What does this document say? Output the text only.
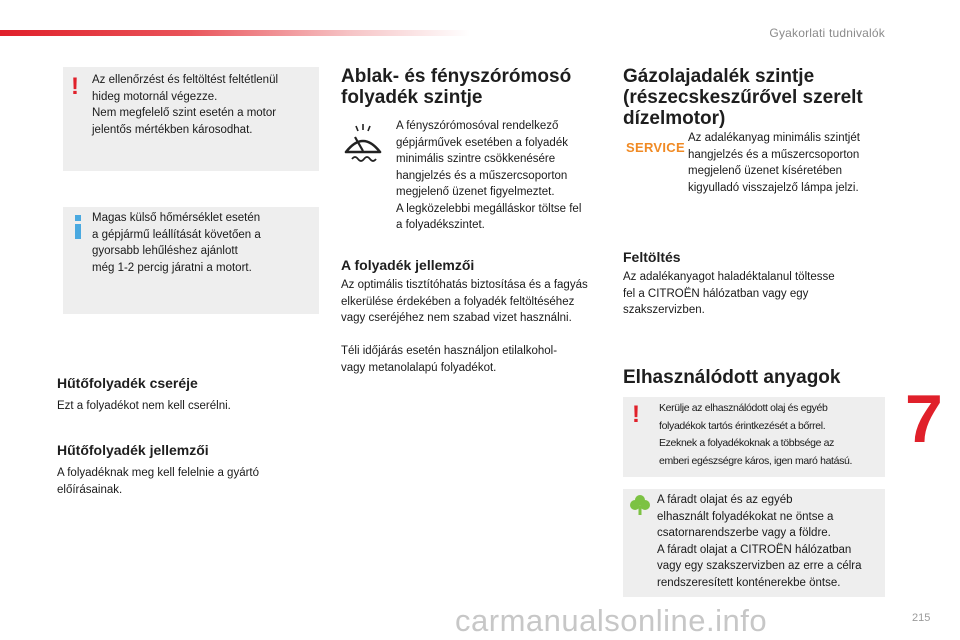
Gyakorlati tudnivalók
7
! Az ellenőrzést és feltöltést feltétlenül
hideg motornál végezze.
Nem megfelelő szint esetén a motor
jelentős mértékben károsodhat.
Magas külső hőmérséklet esetén
a gépjármű leállítását követően a
gyorsabb lehűléshez ajánlott
még 1-2 percig járatni a motort.
Hűtőfolyadék cseréje
Ezt a folyadékot nem kell cserélni.
Hűtőfolyadék jellemzői
A folyadéknak meg kell felelnie a gyártó
előírásainak.
Ablak- és fényszórómosó
folyadék szintje
A fényszórómosóval rendelkező
gépjárművek esetében a folyadék
minimális szintre csökkenésére
hangjelzés és a műszercsoporton
megjelenő üzenet figyelmeztet.
A legközelebbi megálláskor töltse fel
a folyadékszintet.
A folyadék jellemzői
Az optimális tisztítóhatás biztosítása és a fagyás
elkerülése érdekében a folyadék feltöltéséhez
vagy cseréjéhez nem szabad vizet használni.
Téli időjárás esetén használjon etilalkohol-
vagy metanolalapú folyadékot.
Gázolajadalék szintje
(részecskeszűrővel szerelt
dízelmotor)
SERVICE
Az adalékanyag minimális szintjét
hangjelzés és a műszercsoporton
megjelenő üzenet kíséretében
kigyulladó visszajelző lámpa jelzi.
Feltöltés
Az adalékanyagot haladéktalanul töltesse
fel a CITROËN hálózatban vagy egy
szakszervizben.
Elhasználódott anyagok
! Kerülje az elhasználódott olaj és egyéb
folyadékok tartós érintkezését a bőrrel.
Ezeknek a folyadékoknak a többsége az
emberi egészségre káros, igen maró hatású.
A fáradt olajat és az egyéb
elhasznált folyadékokat ne öntse a
csatornarendszerbe vagy a földre.
A fáradt olajat a CITROËN hálózatban
vagy egy szakszervizben az erre a célra
rendszeresített konténerekbe öntse.
carmanualsonline.info	215
